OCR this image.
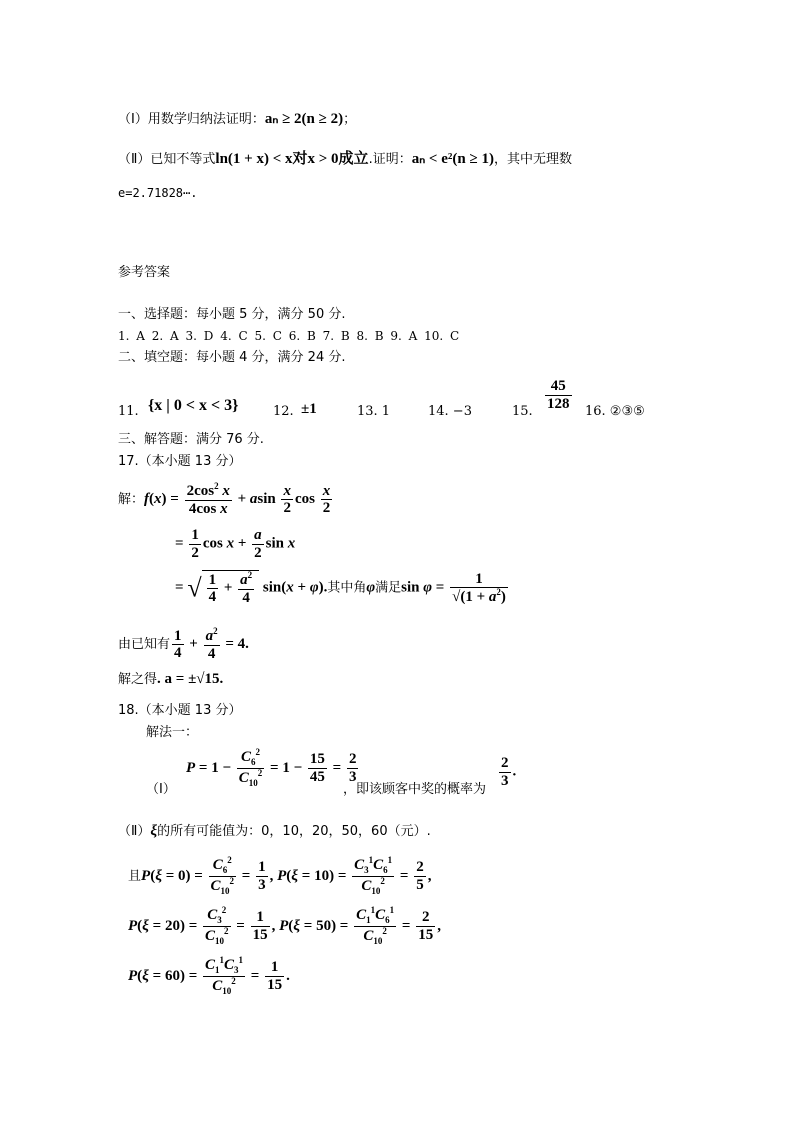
（Ⅰ）用数学归纳法证明：aₙ ≥ 2(n ≥ 2)；
（Ⅱ）已知不等式ln(1 + x) < x对x > 0成立.证明：aₙ < e²(n ≥ 1)，其中无理数
e=2.71828⋯.
参考答案
一、选择题：每小题 5 分，满分 50 分.
1. A 2. A 3. D 4. C 5. C 6. B 7. B 8. B 9. A 10. C
二、填空题：每小题 4 分，满分 24 分.
11. {x | 0 < x < 3}	12. ±1	13. 1	14. −3	15. $\frac{45}{128} 16$. ②③⑤
三、解答题：满分 76 分.
17.（本小题 13 分）
解：$f(x) = \frac{2\cos^2 x}{\text{4cos x}} + asin \frac{x}{2}$ $\cos \frac{x}{2}$
= $\frac{1}{2}$ $\cos x + \frac{a}{2}$ sin x
= √ $\frac{1}{4} + \frac{a^2}{4} \sin(x + \varphi)$.其中角φ满足$\sin \varphi = \frac{1}{√(1 + a^2)}$
由已知有 $\frac{1}{4} + \frac{a^2}{4} = 4$.
解之得. a = ±√15.
18.（本小题 13 分）
解法一：
$P = 1 - \frac{C_6^2}{C_{10}^2} = 1 - \frac{15}{45} = \frac{2}{3}$
（Ⅰ）	，即该顾客中奖的概率为
$\frac{2}{3}$ .
（Ⅱ）ξ的所有可能值为：0，10，20，50，60（元）.
且$P(\xi = 0) = \frac{C_6^2}{C_{10}^2} = \frac{1}{3}$ , $P(\xi = 10) = \frac{C_3^1C_6^1}{C_{10}^2} = \frac{2}{5}$ ,
$P(\xi = 20) = \frac{C_3^2}{C_{10}^2} = \frac{1}{15}$ , $P(\xi = 50) = \frac{C_1^1C_6^1}{C_{10}^2} = \frac{2}{15}$ ,
$P(\xi = 60) = \frac{C_1^1C_3^1}{C_{10}^2} = \frac{1}{15}$ .
